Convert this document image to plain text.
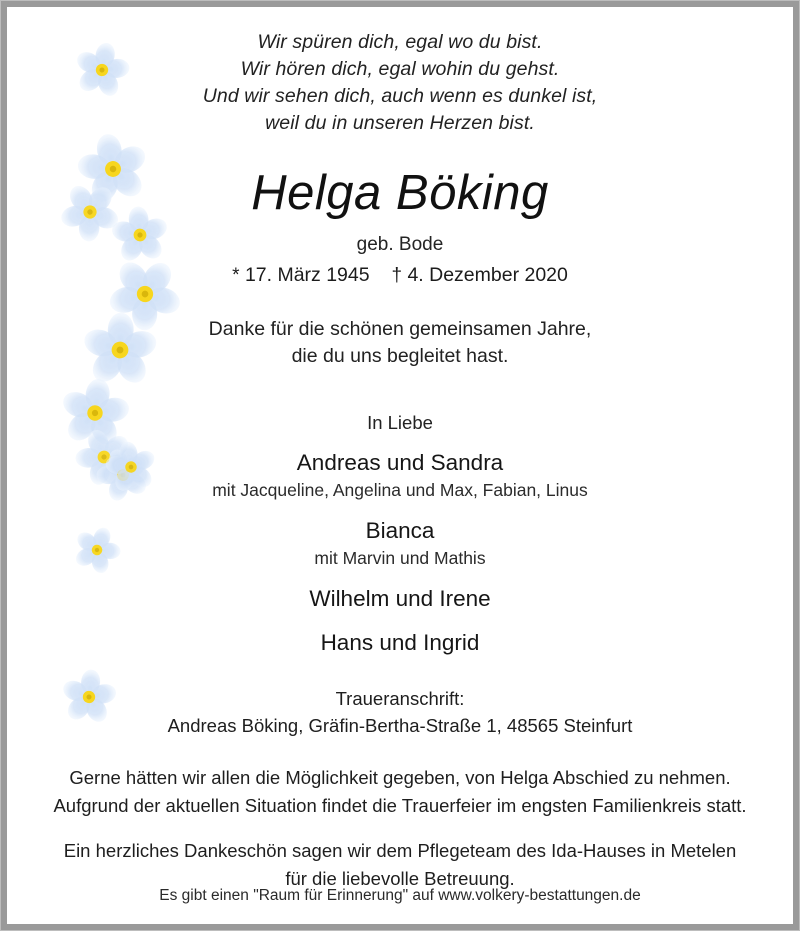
Wir spüren dich, egal wo du bist.
Wir hören dich, egal wohin du gehst.
Und wir sehen dich, auch wenn es dunkel ist,
weil du in unseren Herzen bist.
Helga Böking
geb. Bode
* 17. März 1945 † 4. Dezember 2020
Danke für die schönen gemeinsamen Jahre,
die du uns begleitet hast.
In Liebe
Andreas und Sandra
mit Jacqueline, Angelina und Max, Fabian, Linus
Bianca
mit Marvin und Mathis
Wilhelm und Irene
Hans und Ingrid
Traueranschrift:
Andreas Böking, Gräfin-Bertha-Straße 1, 48565 Steinfurt
Gerne hätten wir allen die Möglichkeit gegeben, von Helga Abschied zu nehmen.
Aufgrund der aktuellen Situation findet die Trauerfeier im engsten Familienkreis statt.
Ein herzliches Dankeschön sagen wir dem Pflegeteam des Ida-Hauses in Metelen
für die liebevolle Betreuung.
Es gibt einen "Raum für Erinnerung" auf www.volkery-bestattungen.de
